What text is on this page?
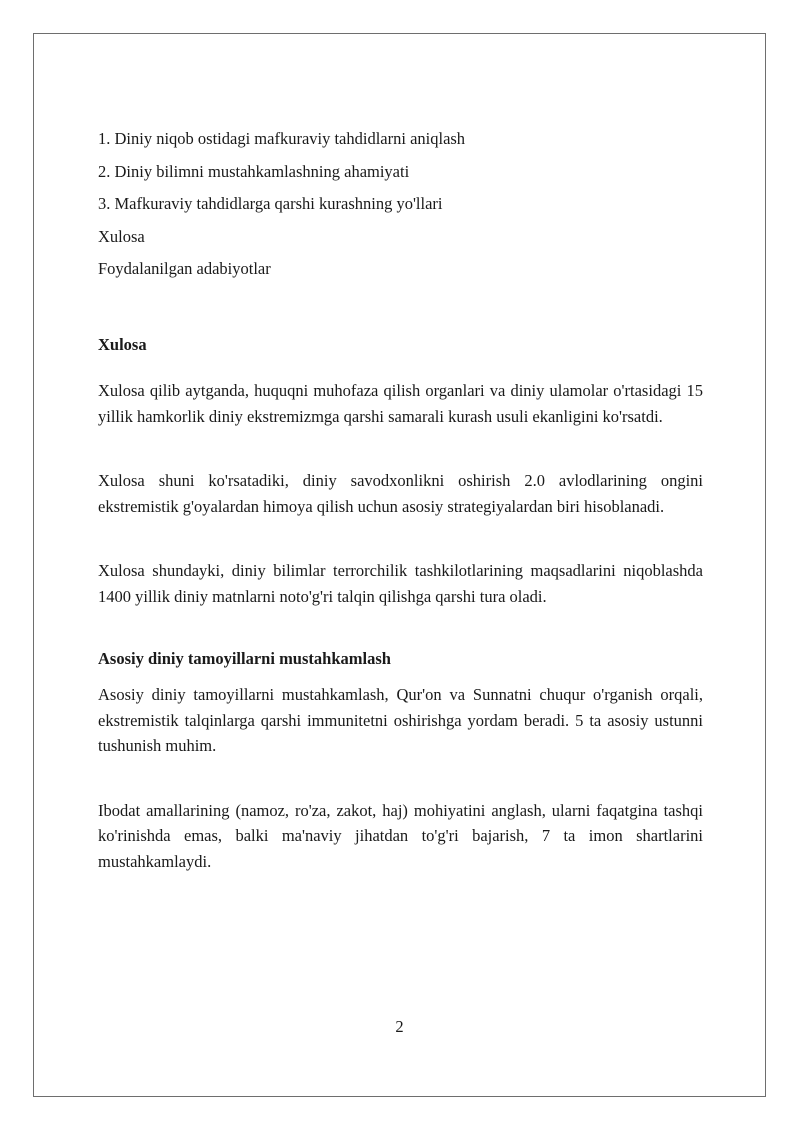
1. Diniy niqob ostidagi mafkuraviy tahdidlarni aniqlash
2. Diniy bilimni mustahkamlashning ahamiyati
3. Mafkuraviy tahdidlarga qarshi kurashning yo'llari
Xulosa
Foydalanilgan adabiyotlar
Xulosa

Xulosa qilib aytganda, huquqni muhofaza qilish organlari va diniy ulamolar o'rtasidagi 15 yillik hamkorlik diniy ekstremizmga qarshi samarali kurash usuli ekanligini ko'rsatdi.

Xulosa shuni ko'rsatadiki, diniy savodxonlikni oshirish 2.0 avlodlarining ongini ekstremistik g'oyalardan himoya qilish uchun asosiy strategiyalardan biri hisoblanadi.

Xulosa shundayki, diniy bilimlar terrorchilik tashkilotlarining maqsadlarini niqoblashda 1400 yillik diniy matnlarni noto'g'ri talqin qilishga qarshi tura oladi.

Asosiy diniy tamoyillarni mustahkamlash

Asosiy diniy tamoyillarni mustahkamlash, Qur'on va Sunnatni chuqur o'rganish orqali, ekstremistik talqinlarga qarshi immunitetni oshirishga yordam beradi. 5 ta asosiy ustunni tushunish muhim.

Ibodat amallarining (namoz, ro'za, zakot, haj) mohiyatini anglash, ularni faqatgina tashqi ko'rinishda emas, balki ma'naviy jihatdan to'g'ri bajarish, 7 ta imon shartlarini mustahkamlaydi.

2
